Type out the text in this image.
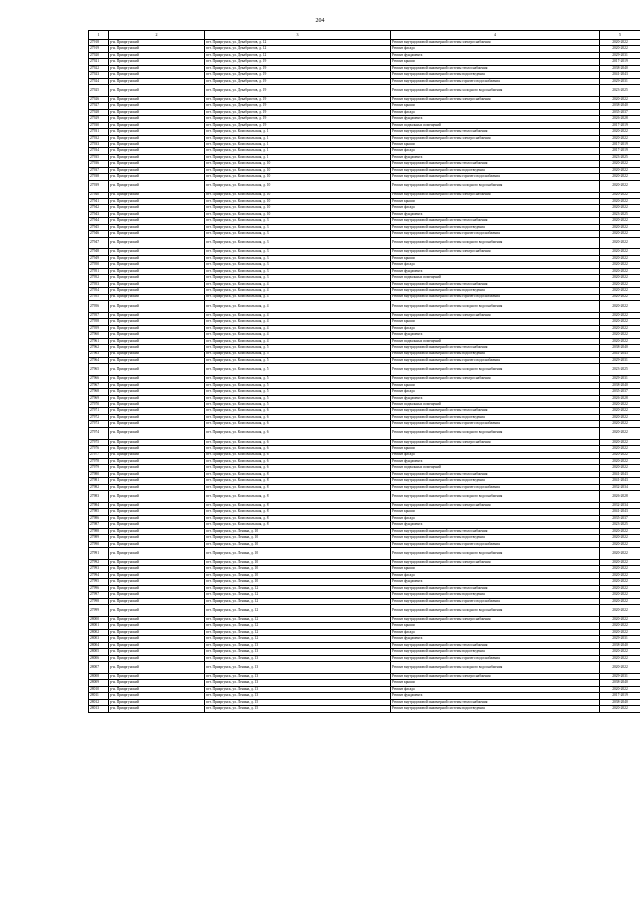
204
1	2	3	4	5
27918	р-н. Приаргунский	пгт. Приаргунск, ул. Декабристов, д. 12	Ремонт внутридомовой инженерной системы электроснабжения	2020-2022
27919	р-н. Приаргунский	пгт. Приаргунск, ул. Декабристов, д. 12	Ремонт фасада	2020-2022
27920	р-н. Приаргунский	пгт. Приаргунск, ул. Декабристов, д. 12	Ремонт фундамента	2029-2031
27921	р-н. Приаргунский	пгт. Приаргунск, ул. Декабристов, д. 19	Ремонт крыши	2017-2019
27922	р-н. Приаргунский	пгт. Приаргунск, ул. Декабристов, д. 19	Ремонт внутридомовой инженерной системы теплоснабжения	2038-2040
27923	р-н. Приаргунский	пгт. Приаргунск, ул. Декабристов, д. 19	Ремонт внутридомовой инженерной системы водоотведения	2041-2043
27924	р-н. Приаргунский	пгт. Приаргунск, ул. Декабристов, д. 19	Ремонт внутридомовой инженерной системы горячего водоснабжения	2029-2031
27925	р-н. Приаргунский	пгт. Приаргунск, ул. Декабристов, д. 19	Ремонт внутридомовой инженерной системы холодного водоснабжения	2023-2025
27926	р-н. Приаргунский	пгт. Приаргунск, ул. Декабристов, д. 19	Ремонт внутридомовой инженерной системы электроснабжения	2020-2022
27927	р-н. Приаргунский	пгт. Приаргунск, ул. Декабристов, д. 19	Ремонт крыши	2038-2040
27928	р-н. Приаргунский	пгт. Приаргунск, ул. Декабристов, д. 19	Ремонт фасада	2035-2037
27929	р-н. Приаргунский	пгт. Приаргунск, ул. Декабристов, д. 19	Ремонт фундамента	2026-2028
27930	р-н. Приаргунский	пгт. Приаргунск, ул. Декабристов, д. 19	Ремонт подвальных помещений	2017-2019
27931	р-н. Приаргунский	пгт. Приаргунск, ул. Комсомольская, д. 1	Ремонт внутридомовой инженерной системы теплоснабжения	2020-2022
27932	р-н. Приаргунский	пгт. Приаргунск, ул. Комсомольская, д. 1	Ремонт внутридомовой инженерной системы электроснабжения	2020-2022
27933	р-н. Приаргунский	пгт. Приаргунск, ул. Комсомольская, д. 1	Ремонт крыши	2017-2019
27934	р-н. Приаргунский	пгт. Приаргунск, ул. Комсомольская, д. 1	Ремонт фасада	2017-2019
27935	р-н. Приаргунский	пгт. Приаргунск, ул. Комсомольская, д. 1	Ремонт фундамента	2023-2025
27936	р-н. Приаргунский	пгт. Приаргунск, ул. Комсомольская, д. 10	Ремонт внутридомовой инженерной системы теплоснабжения	2020-2022
27937	р-н. Приаргунский	пгт. Приаргунск, ул. Комсомольская, д. 10	Ремонт внутридомовой инженерной системы водоотведения	2020-2022
27938	р-н. Приаргунский	пгт. Приаргунск, ул. Комсомольская, д. 10	Ремонт внутридомовой инженерной системы горячего водоснабжения	2020-2022
27939	р-н. Приаргунский	пгт. Приаргунск, ул. Комсомольская, д. 10	Ремонт внутридомовой инженерной системы холодного водоснабжения	2020-2022
27940	р-н. Приаргунский	пгт. Приаргунск, ул. Комсомольская, д. 10	Ремонт внутридомовой инженерной системы электроснабжения	2020-2022
27941	р-н. Приаргунский	пгт. Приаргунск, ул. Комсомольская, д. 10	Ремонт крыши	2020-2022
27942	р-н. Приаргунский	пгт. Приаргунск, ул. Комсомольская, д. 10	Ремонт фасада	2020-2022
27943	р-н. Приаргунский	пгт. Приаргунск, ул. Комсомольская, д. 10	Ремонт фундамента	2023-2025
27944	р-н. Приаргунский	пгт. Приаргунск, ул. Комсомольская, д. 3	Ремонт внутридомовой инженерной системы теплоснабжения	2020-2022
27945	р-н. Приаргунский	пгт. Приаргунск, ул. Комсомольская, д. 3	Ремонт внутридомовой инженерной системы водоотведения	2020-2022
27946	р-н. Приаргунский	пгт. Приаргунск, ул. Комсомольская, д. 3	Ремонт внутридомовой инженерной системы горячего водоснабжения	2020-2022
27947	р-н. Приаргунский	пгт. Приаргунск, ул. Комсомольская, д. 3	Ремонт внутридомовой инженерной системы холодного водоснабжения	2020-2022
27948	р-н. Приаргунский	пгт. Приаргунск, ул. Комсомольская, д. 3	Ремонт внутридомовой инженерной системы электроснабжения	2020-2022
27949	р-н. Приаргунский	пгт. Приаргунск, ул. Комсомольская, д. 3	Ремонт крыши	2020-2022
27950	р-н. Приаргунский	пгт. Приаргунск, ул. Комсомольская, д. 3	Ремонт фасада	2020-2022
27951	р-н. Приаргунский	пгт. Приаргунск, ул. Комсомольская, д. 3	Ремонт фундамента	2020-2022
27952	р-н. Приаргунский	пгт. Приаргунск, ул. Комсомольская, д. 3	Ремонт подвальных помещений	2020-2022
27953	р-н. Приаргунский	пгт. Приаргунск, ул. Комсомольская, д. 4	Ремонт внутридомовой инженерной системы теплоснабжения	2020-2022
27954	р-н. Приаргунский	пгт. Приаргунск, ул. Комсомольская, д. 4	Ремонт внутридомовой инженерной системы водоотведения	2020-2022
27955	р-н. Приаргунский	пгт. Приаргунск, ул. Комсомольская, д. 4	Ремонт внутридомовой инженерной системы горячего водоснабжения	2020-2022
27956	р-н. Приаргунский	пгт. Приаргунск, ул. Комсомольская, д. 4	Ремонт внутридомовой инженерной системы холодного водоснабжения	2020-2022
27957	р-н. Приаргунский	пгт. Приаргунск, ул. Комсомольская, д. 4	Ремонт внутридомовой инженерной системы электроснабжения	2020-2022
27958	р-н. Приаргунский	пгт. Приаргунск, ул. Комсомольская, д. 4	Ремонт крыши	2020-2022
27959	р-н. Приаргунский	пгт. Приаргунск, ул. Комсомольская, д. 4	Ремонт фасада	2020-2022
27960	р-н. Приаргунский	пгт. Приаргунск, ул. Комсомольская, д. 4	Ремонт фундамента	2020-2022
27961	р-н. Приаргунский	пгт. Приаргунск, ул. Комсомольская, д. 4	Ремонт подвальных помещений	2020-2022
27962	р-н. Приаргунский	пгт. Приаргунск, ул. Комсомольская, д. 5	Ремонт внутридомовой инженерной системы теплоснабжения	2038-2040
27963	р-н. Приаргунский	пгт. Приаргунск, ул. Комсомольская, д. 5	Ремонт внутридомовой инженерной системы водоотведения	2041-2043
27964	р-н. Приаргунский	пгт. Приаргунск, ул. Комсомольская, д. 5	Ремонт внутридомовой инженерной системы горячего водоснабжения	2029-2031
27965	р-н. Приаргунский	пгт. Приаргунск, ул. Комсомольская, д. 5	Ремонт внутридомовой инженерной системы холодного водоснабжения	2023-2025
27966	р-н. Приаргунский	пгт. Приаргунск, ул. Комсомольская, д. 5	Ремонт внутридомовой инженерной системы электроснабжения	2029-2031
27967	р-н. Приаргунский	пгт. Приаргунск, ул. Комсомольская, д. 5	Ремонт крыши	2038-2040
27968	р-н. Приаргунский	пгт. Приаргунск, ул. Комсомольская, д. 5	Ремонт фасада	2035-2037
27969	р-н. Приаргунский	пгт. Приаргунск, ул. Комсомольская, д. 5	Ремонт фундамента	2026-2028
27970	р-н. Приаргунский	пгт. Приаргунск, ул. Комсомольская, д. 5	Ремонт подвальных помещений	2020-2022
27971	р-н. Приаргунский	пгт. Приаргунск, ул. Комсомольская, д. 6	Ремонт внутридомовой инженерной системы теплоснабжения	2020-2022
27972	р-н. Приаргунский	пгт. Приаргунск, ул. Комсомольская, д. 6	Ремонт внутридомовой инженерной системы водоотведения	2020-2022
27973	р-н. Приаргунский	пгт. Приаргунск, ул. Комсомольская, д. 6	Ремонт внутридомовой инженерной системы горячего водоснабжения	2020-2022
27974	р-н. Приаргунский	пгт. Приаргунск, ул. Комсомольская, д. 6	Ремонт внутридомовой инженерной системы холодного водоснабжения	2020-2022
27975	р-н. Приаргунский	пгт. Приаргунск, ул. Комсомольская, д. 6	Ремонт внутридомовой инженерной системы электроснабжения	2020-2022
27976	р-н. Приаргунский	пгт. Приаргунск, ул. Комсомольская, д. 6	Ремонт крыши	2020-2022
27977	р-н. Приаргунский	пгт. Приаргунск, ул. Комсомольская, д. 6	Ремонт фасада	2020-2022
27978	р-н. Приаргунский	пгт. Приаргунск, ул. Комсомольская, д. 6	Ремонт фундамента	2020-2022
27979	р-н. Приаргунский	пгт. Приаргунск, ул. Комсомольская, д. 6	Ремонт подвальных помещений	2020-2022
27980	р-н. Приаргунский	пгт. Приаргунск, ул. Комсомольская, д. 8	Ремонт внутридомовой инженерной системы теплоснабжения	2041-2043
27981	р-н. Приаргунский	пгт. Приаргунск, ул. Комсомольская, д. 8	Ремонт внутридомовой инженерной системы водоотведения	2041-2043
27982	р-н. Приаргунский	пгт. Приаргунск, ул. Комсомольская, д. 8	Ремонт внутридомовой инженерной системы горячего водоснабжения	2032-2034
27983	р-н. Приаргунский	пгт. Приаргунск, ул. Комсомольская, д. 8	Ремонт внутридомовой инженерной системы холодного водоснабжения	2026-2028
27984	р-н. Приаргунский	пгт. Приаргунск, ул. Комсомольская, д. 8	Ремонт внутридомовой инженерной системы электроснабжения	2032-2034
27985	р-н. Приаргунский	пгт. Приаргунск, ул. Комсомольская, д. 8	Ремонт крыши	2041-2043
27986	р-н. Приаргунский	пгт. Приаргунск, ул. Комсомольская, д. 8	Ремонт фасада	2035-2037
27987	р-н. Приаргунский	пгт. Приаргунск, ул. Комсомольская, д. 8	Ремонт фундамента	2023-2025
27988	р-н. Приаргунский	пгт. Приаргунск, ул. Ленина, д. 10	Ремонт внутридомовой инженерной системы теплоснабжения	2020-2022
27989	р-н. Приаргунский	пгт. Приаргунск, ул. Ленина, д. 10	Ремонт внутридомовой инженерной системы водоотведения	2020-2022
27990	р-н. Приаргунский	пгт. Приаргунск, ул. Ленина, д. 10	Ремонт внутридомовой инженерной системы горячего водоснабжения	2020-2022
27991	р-н. Приаргунский	пгт. Приаргунск, ул. Ленина, д. 10	Ремонт внутридомовой инженерной системы холодного водоснабжения	2020-2022
27992	р-н. Приаргунский	пгт. Приаргунск, ул. Ленина, д. 10	Ремонт внутридомовой инженерной системы электроснабжения	2020-2022
27993	р-н. Приаргунский	пгт. Приаргунск, ул. Ленина, д. 10	Ремонт крыши	2020-2022
27994	р-н. Приаргунский	пгт. Приаргунск, ул. Ленина, д. 10	Ремонт фасада	2020-2022
27995	р-н. Приаргунский	пгт. Приаргунск, ул. Ленина, д. 10	Ремонт фундамента	2020-2022
27996	р-н. Приаргунский	пгт. Приаргунск, ул. Ленина, д. 12	Ремонт внутридомовой инженерной системы теплоснабжения	2020-2022
27997	р-н. Приаргунский	пгт. Приаргунск, ул. Ленина, д. 12	Ремонт внутридомовой инженерной системы водоотведения	2020-2022
27998	р-н. Приаргунский	пгт. Приаргунск, ул. Ленина, д. 12	Ремонт внутридомовой инженерной системы горячего водоснабжения	2020-2022
27999	р-н. Приаргунский	пгт. Приаргунск, ул. Ленина, д. 12	Ремонт внутридомовой инженерной системы холодного водоснабжения	2020-2022
28000	р-н. Приаргунский	пгт. Приаргунск, ул. Ленина, д. 12	Ремонт внутридомовой инженерной системы электроснабжения	2020-2022
28001	р-н. Приаргунский	пгт. Приаргунск, ул. Ленина, д. 12	Ремонт крыши	2020-2022
28002	р-н. Приаргунский	пгт. Приаргунск, ул. Ленина, д. 12	Ремонт фасада	2020-2022
28003	р-н. Приаргунский	пгт. Приаргунск, ул. Ленина, д. 12	Ремонт фундамента	2029-2031
28004	р-н. Приаргунский	пгт. Приаргунск, ул. Ленина, д. 13	Ремонт внутридомовой инженерной системы теплоснабжения	2038-2040
28005	р-н. Приаргунский	пгт. Приаргунск, ул. Ленина, д. 13	Ремонт внутридомовой инженерной системы водоотведения	2020-2022
28006	р-н. Приаргунский	пгт. Приаргунск, ул. Ленина, д. 13	Ремонт внутридомовой инженерной системы горячего водоснабжения	2020-2022
28007	р-н. Приаргунский	пгт. Приаргунск, ул. Ленина, д. 13	Ремонт внутридомовой инженерной системы холодного водоснабжения	2020-2022
28008	р-н. Приаргунский	пгт. Приаргунск, ул. Ленина, д. 13	Ремонт внутридомовой инженерной системы электроснабжения	2029-2031
28009	р-н. Приаргунский	пгт. Приаргунск, ул. Ленина, д. 13	Ремонт крыши	2038-2040
28010	р-н. Приаргунский	пгт. Приаргунск, ул. Ленина, д. 13	Ремонт фасада	2020-2022
28011	р-н. Приаргунский	пгт. Приаргунск, ул. Ленина, д. 13	Ремонт фундамента	2017-2019
28012	р-н. Приаргунский	пгт. Приаргунск, ул. Ленина, д. 15	Ремонт внутридомовой инженерной системы теплоснабжения	2038-2040
28013	р-н. Приаргунский	пгт. Приаргунск, ул. Ленина, д. 15	Ремонт внутридомовой инженерной системы водоотведения	2020-2022
